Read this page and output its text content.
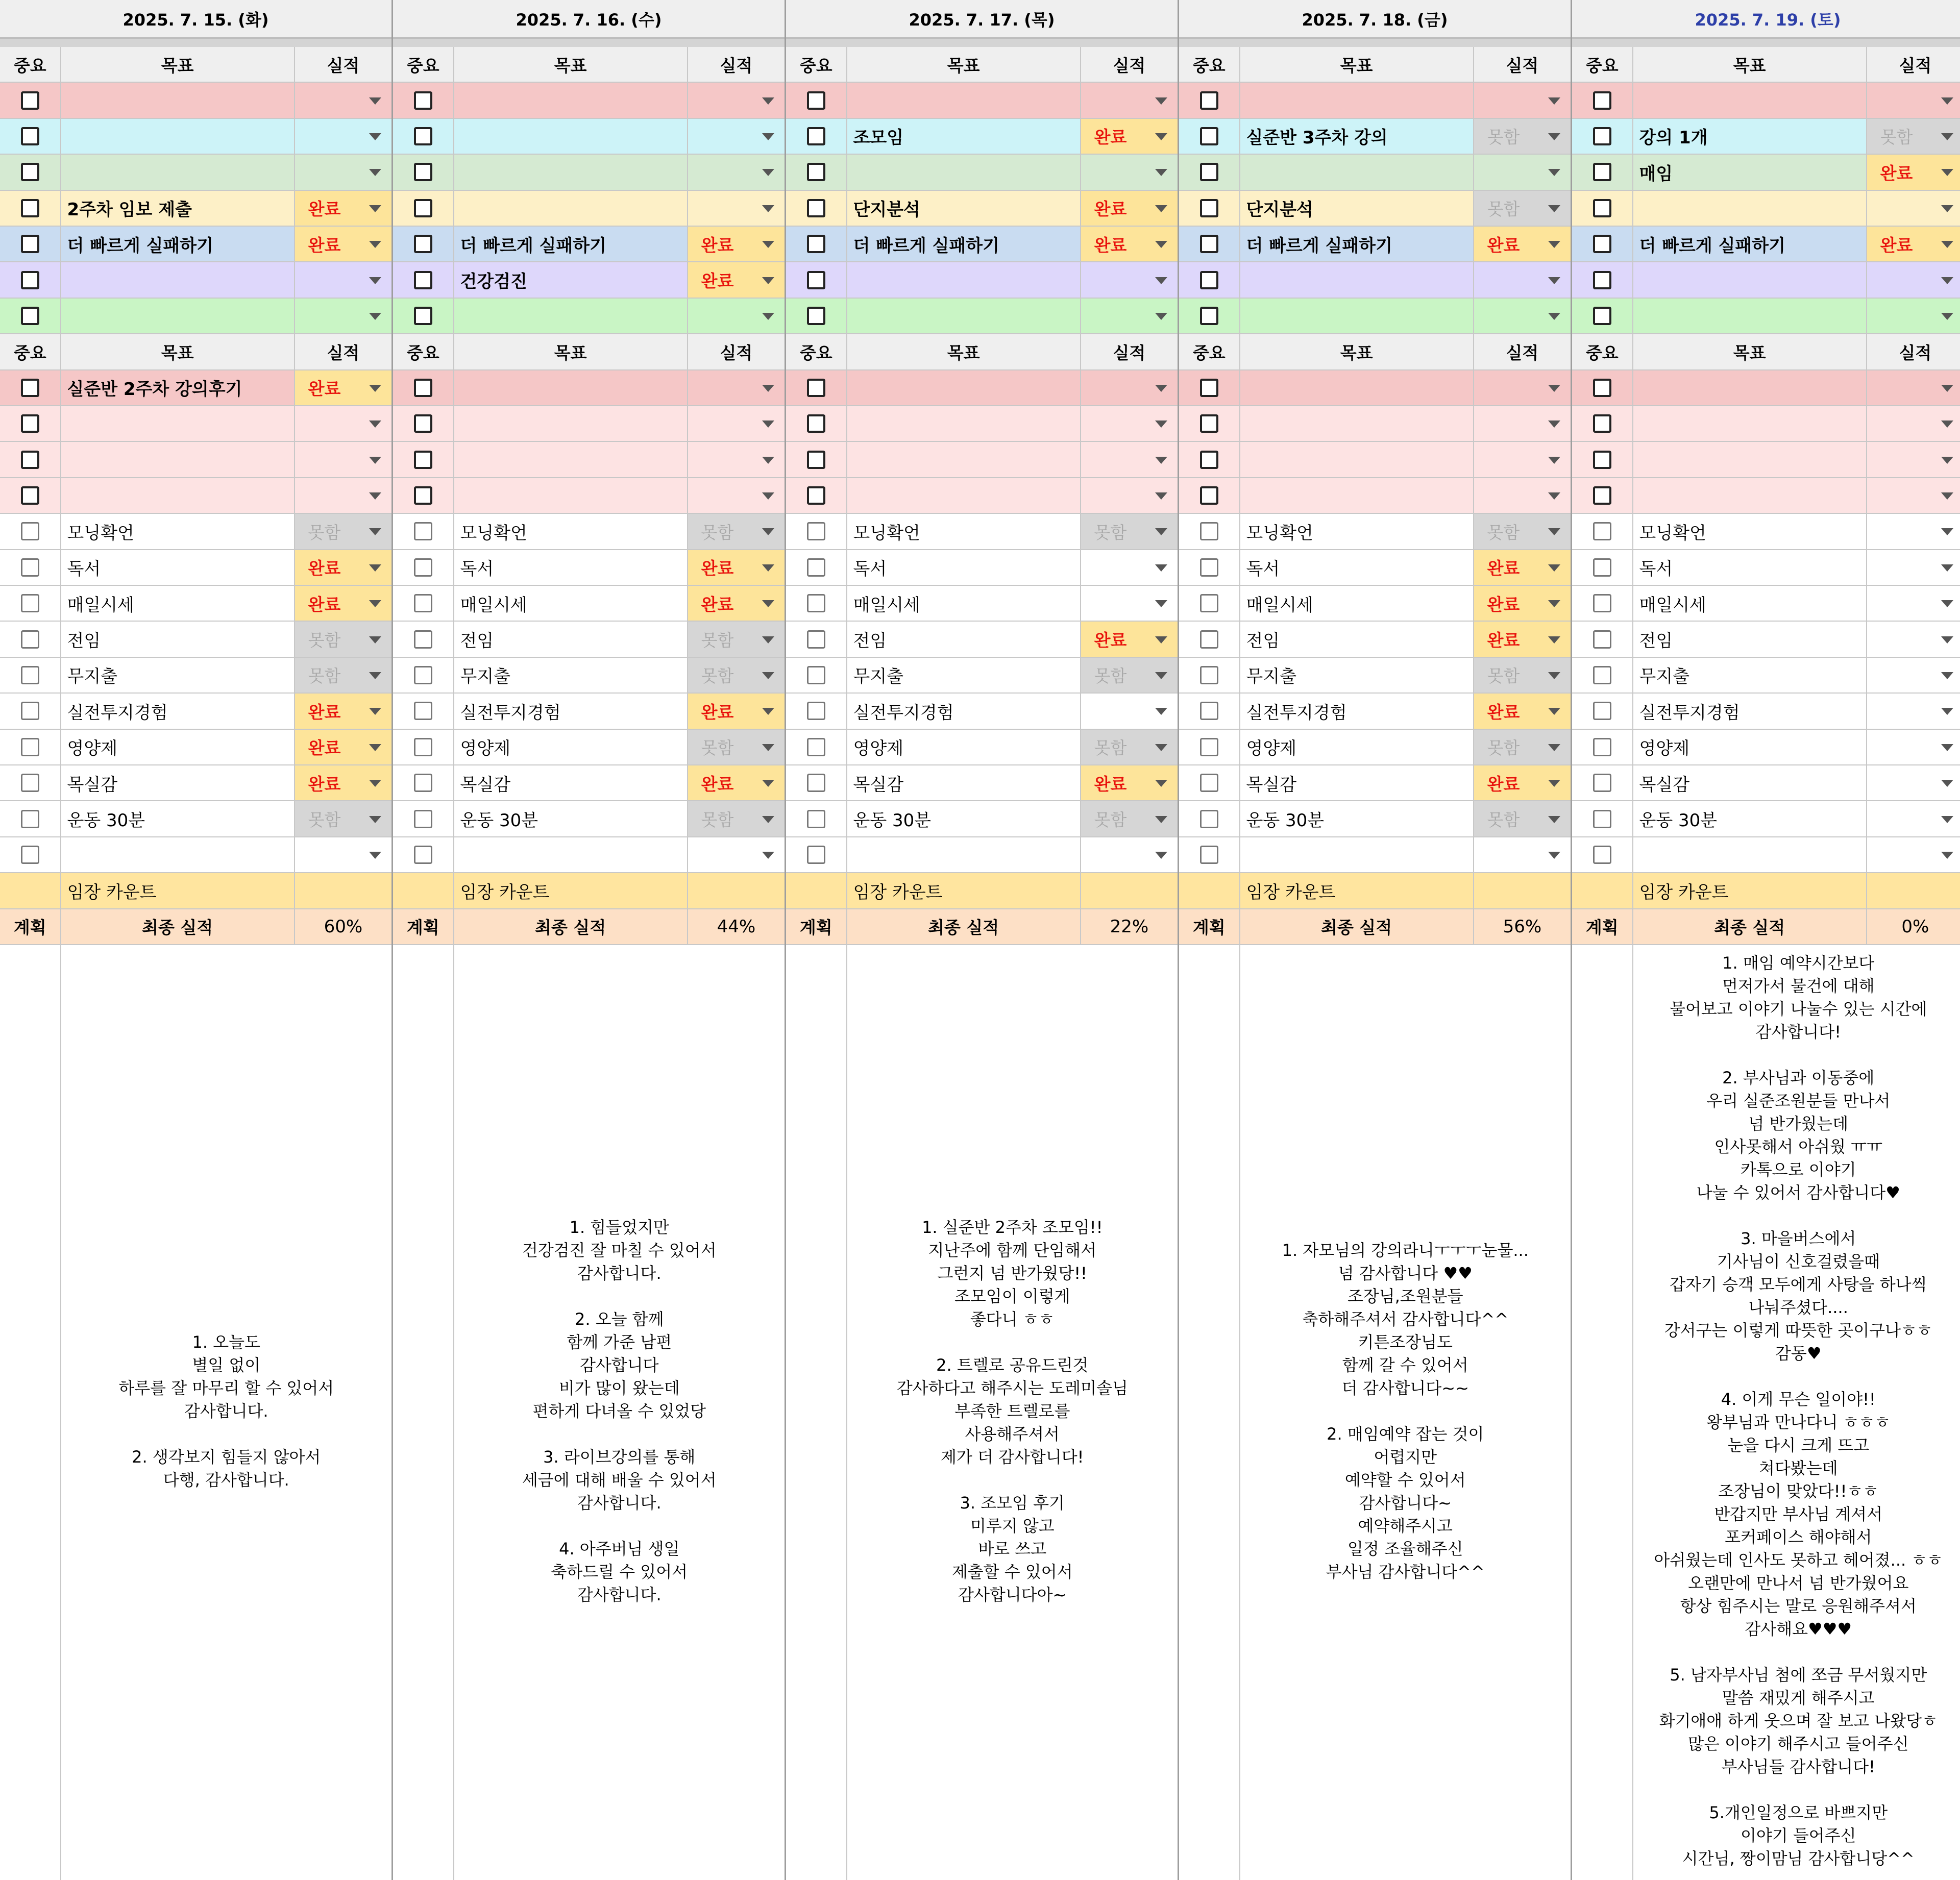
2025. 7. 15. (화)
중요	목표	실적
2주차 임보 제출	완료
더 빠르게 실패하기	완료
중요	목표	실적
실준반 2주차 강의후기	완료
모닝확언	못함
독서	완료
매일시세	완료
전임	못함
무지출	못함
실전투지경험	완료
영양제	완료
목실감	완료
운동 30분	못함
임장 카운트
계획	최종 실적	60%
1. 오늘도
별일 없이
하루를 잘 마무리 할 수 있어서
감사합니다.

2. 생각보지 힘들지 않아서
다행, 감사합니다.
2025. 7. 16. (수)
중요	목표	실적
더 빠르게 실패하기	완료
건강검진	완료
중요	목표	실적
모닝확언	못함
독서	완료
매일시세	완료
전임	못함
무지출	못함
실전투지경험	완료
영양제	못함
목실감	완료
운동 30분	못함
임장 카운트
계획	최종 실적	44%
1. 힘들었지만
건강검진 잘 마칠 수 있어서
감사합니다.

2. 오늘 함께
함께 가준 남편
감사합니다
비가 많이 왔는데
편하게 다녀올 수 있었당

3. 라이브강의를 통해
세금에 대해 배울 수 있어서
감사합니다.

4. 아주버님 생일
축하드릴 수 있어서
감사합니다.
2025. 7. 17. (목)
중요	목표	실적
조모임	완료
단지분석	완료
더 빠르게 실패하기	완료
중요	목표	실적
모닝확언	못함
독서
매일시세
전임	완료
무지출	못함
실전투지경험
영양제	못함
목실감	완료
운동 30분	못함
임장 카운트
계획	최종 실적	22%
1. 실준반 2주차 조모임!!
지난주에 함께 단임해서
그런지 넘 반가웠당!!
조모임이 이렇게
좋다니 ㅎㅎ

2. 트렐로 공유드린것
감사하다고 해주시는 도레미솔님
부족한 트렐로를
사용해주셔서
제가 더 감사합니다!

3. 조모임 후기
미루지 않고
바로 쓰고
제출할 수 있어서
감사합니다아~
2025. 7. 18. (금)
중요	목표	실적
실준반 3주차 강의	못함
단지분석	못함
더 빠르게 실패하기	완료
중요	목표	실적
모닝확언	못함
독서	완료
매일시세	완료
전임	완료
무지출	못함
실전투지경험	완료
영양제	못함
목실감	완료
운동 30분	못함
임장 카운트
계획	최종 실적	56%
1. 자모님의 강의라니ㅜㅜㅜ눈물...
넘 감사합니다 ♥♥
조장님,조원분들
축하해주셔서 감사합니다^^
키튼조장님도
함께 갈 수 있어서
더 감사합니다~~

2. 매임예약 잡는 것이
어렵지만
예약할 수 있어서
감사합니다~
예약해주시고
일정 조율해주신
부사님 감사합니다^^
2025. 7. 19. (토)
중요	목표	실적
강의 1개	못함
매임	완료
더 빠르게 실패하기	완료
중요	목표	실적
모닝확언
독서
매일시세
전임
무지출
실전투지경험
영양제
목실감
운동 30분
임장 카운트
계획	최종 실적	0%
1. 매임 예약시간보다
먼저가서 물건에 대해
물어보고 이야기 나눌수 있는 시간에
감사합니다!

2. 부사님과 이동중에
우리 실준조원분들 만나서
넘 반가웠는데
인사못해서 아쉬웠 ㅠㅠ
카톡으로 이야기
나눌 수 있어서 감사합니다♥

3. 마을버스에서
기사님이 신호걸렸을때
갑자기 승객 모두에게 사탕을 하나씩
나눠주셨다....
강서구는 이렇게 따뜻한 곳이구나ㅎㅎ
감동♥

4. 이게 무슨 일이야!!
왕부님과 만나다니 ㅎㅎㅎ
눈을 다시 크게 뜨고
쳐다봤는데
조장님이 맞았다!!ㅎㅎ
반갑지만 부사님 계셔서
포커페이스 해야해서
아쉬웠는데 인사도 못하고 헤어졌... ㅎㅎ
오랜만에 만나서 넘 반가웠어요
항상 힘주시는 말로 응원해주셔서
감사해요♥♥♥

5. 남자부사님 첨에 쪼금 무서웠지만
말씀 재밌게 해주시고
화기애애 하게 웃으며 잘 보고 나왔당ㅎ
많은 이야기 해주시고 들어주신
부사님들 감사합니다!

5.개인일정으로 바쁘지만
이야기 들어주신
시간님, 짱이맘님 감사합니당^^
